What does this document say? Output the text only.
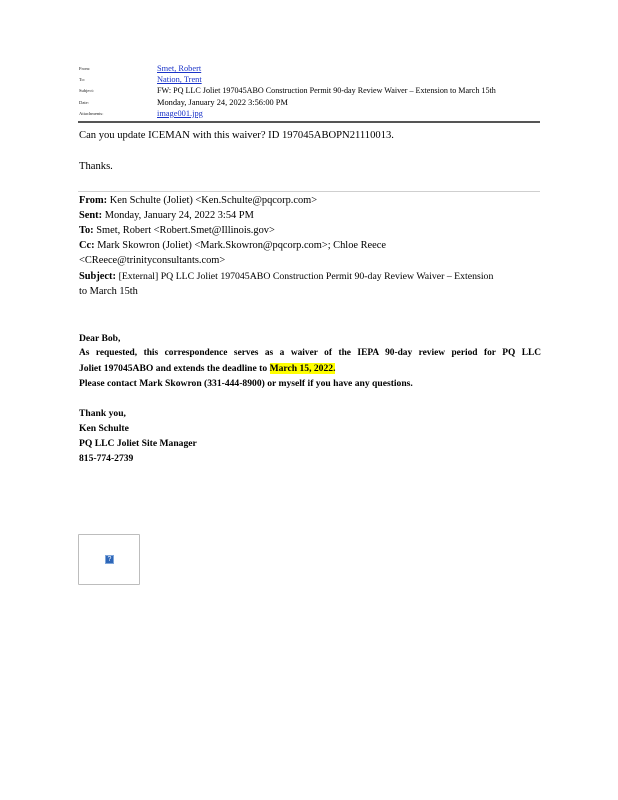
From:	Smet, Robert
To:	Nation, Trent
Subject:	FW: PQ LLC Joliet 197045ABO Construction Permit 90-day Review Waiver – Extension to March 15th
Date:	Monday, January 24, 2022 3:56:00 PM
Attachments:	image001.jpg
Can you update ICEMAN with this waiver? ID 197045ABOPN21110013.
Thanks.
From: Ken Schulte (Joliet) <Ken.Schulte@pqcorp.com>
Sent: Monday, January 24, 2022 3:54 PM
To: Smet, Robert <Robert.Smet@Illinois.gov>
Cc: Mark Skowron (Joliet) <Mark.Skowron@pqcorp.com>; Chloe Reece
<CReece@trinityconsultants.com>
Subject: [External] PQ LLC Joliet 197045ABO Construction Permit 90-day Review Waiver – Extension
to March 15th
Dear Bob,
As requested, this correspondence serves as a waiver of the IEPA 90-day review period for PQ LLC
Joliet 197045ABO and extends the deadline to March 15, 2022.
Please contact Mark Skowron (331-444-8900) or myself if you have any questions.
Thank you,
Ken Schulte
PQ LLC Joliet Site Manager
815-774-2739
?
